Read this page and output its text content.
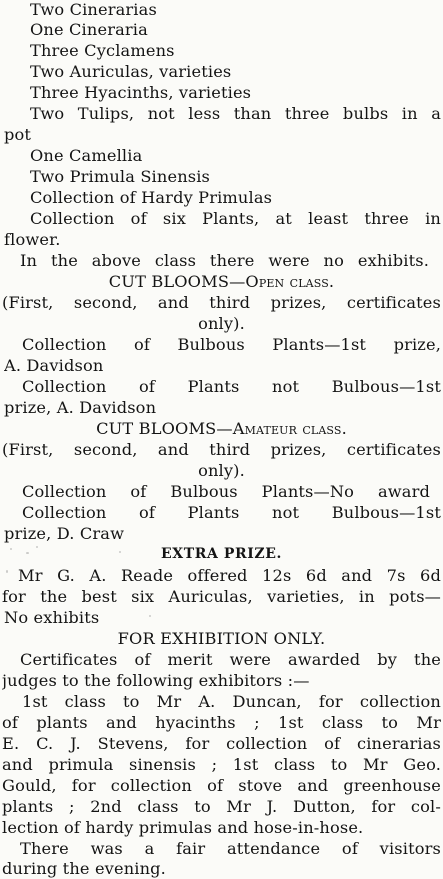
Two Cinerarias
One Cineraria
Three Cyclamens
Two Auriculas, varieties
Three Hyacinths, varieties
Two Tulips, not less than three bulbs in a
pot
One Camellia
Two Primula Sinensis
Collection of Hardy Primulas
Collection of six Plants, at least three in
flower.
In the above class there were no exhibits.
CUT BLOOMS—Open class.
(First, second, and third prizes, certificates
only).
Collection of Bulbous Plants—1st prize,
A. Davidson
Collection of Plants not Bulbous—1st
prize, A. Davidson
CUT BLOOMS—Amateur class.
(First, second, and third prizes, certificates
only).
Collection of Bulbous Plants—No award
Collection of Plants not Bulbous—1st
prize, D. Craw
EXTRA PRIZE.
Mr G. A. Reade offered 12s 6d and 7s 6d
for the best six Auriculas, varieties, in pots—
No exhibits
FOR EXHIBITION ONLY.
Certificates of merit were awarded by the
judges to the following exhibitors :—
1st class to Mr A. Duncan, for collection
of plants and hyacinths ; 1st class to Mr
E. C. J. Stevens, for collection of cinerarias
and primula sinensis ; 1st class to Mr Geo.
Gould, for collection of stove and greenhouse
plants ; 2nd class to Mr J. Dutton, for col-
lection of hardy primulas and hose-in-hose.
There was a fair attendance of visitors
during the evening.
